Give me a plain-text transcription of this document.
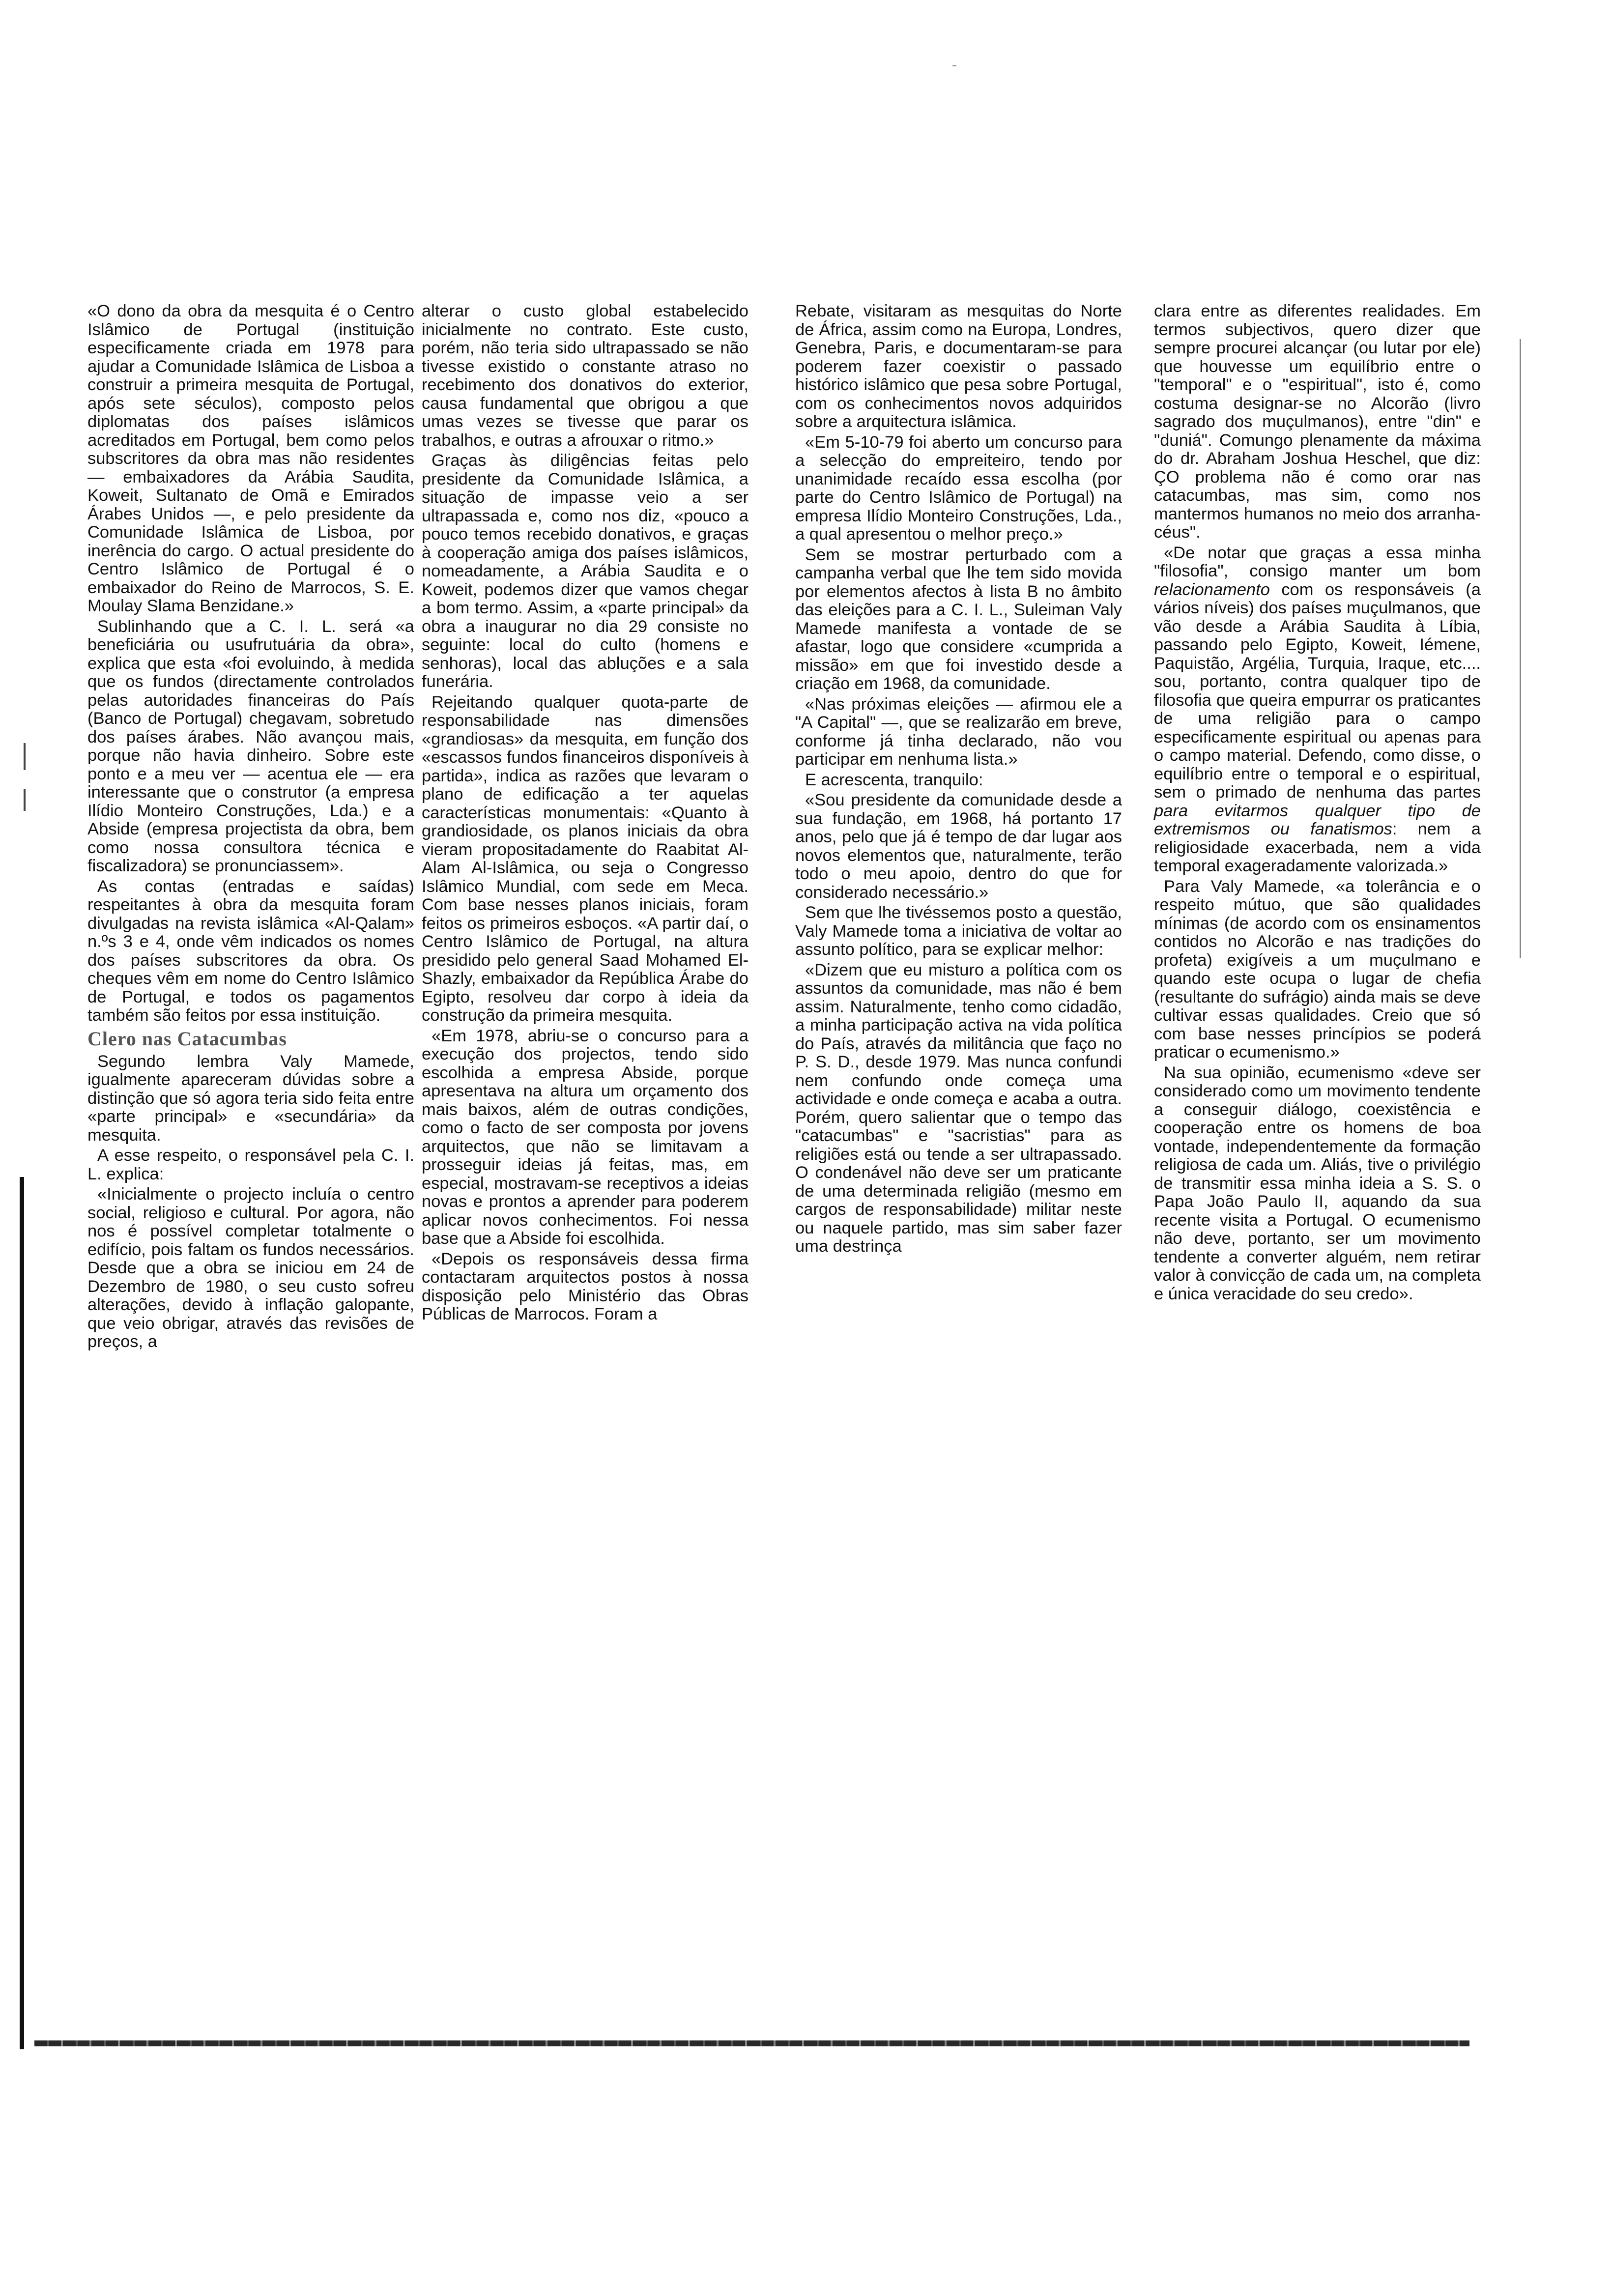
«O dono da obra da mesquita é o Centro Islâmico de Portugal (instituição especificamente criada em 1978 para ajudar a Comunidade Islâmica de Lisboa a construir a primeira mesquita de Portugal, após sete séculos), composto pelos diplomatas dos países islâmicos acreditados em Portugal, bem como pelos subscritores da obra mas não residentes — embaixadores da Arábia Saudita, Koweit, Sultanato de Omã e Emirados Árabes Unidos —, e pelo presidente da Comunidade Islâmica de Lisboa, por inerência do cargo. O actual presidente do Centro Islâmico de Portugal é o embaixador do Reino de Marrocos, S. E. Moulay Slama Benzidane.»

Sublinhando que a C. I. L. será «a beneficiária ou usufrutuária da obra», explica que esta «foi evoluindo, à medida que os fundos (directamente controlados pelas autoridades financeiras do País (Banco de Portugal) chegavam, sobretudo dos países árabes. Não avançou mais, porque não havia dinheiro. Sobre este ponto e a meu ver — acentua ele — era interessante que o construtor (a empresa Ilídio Monteiro Construções, Lda.) e a Abside (empresa projectista da obra, bem como nossa consultora técnica e fiscalizadora) se pronunciassem».

As contas (entradas e saídas) respeitantes à obra da mesquita foram divulgadas na revista islâmica «Al-Qalam» n.ºs 3 e 4, onde vêm indicados os nomes dos países subscritores da obra. Os cheques vêm em nome do Centro Islâmico de Portugal, e todos os pagamentos também são feitos por essa instituição.

Clero nas Catacumbas

Segundo lembra Valy Mamede, igualmente apareceram dúvidas sobre a distinção que só agora teria sido feita entre «parte principal» e «secundária» da mesquita.

A esse respeito, o responsável pela C. I. L. explica:

«Inicialmente o projecto incluía o centro social, religioso e cultural. Por agora, não nos é possível completar totalmente o edifício, pois faltam os fundos necessários. Desde que a obra se iniciou em 24 de Dezembro de 1980, o seu custo sofreu alterações, devido à inflação galopante, que veio obrigar, através das revisões de preços, a

alterar o custo global estabelecido inicialmente no contrato. Este custo, porém, não teria sido ultrapassado se não tivesse existido o constante atraso no recebimento dos donativos do exterior, causa fundamental que obrigou a que umas vezes se tivesse que parar os trabalhos, e outras a afrouxar o ritmo.»

Graças às diligências feitas pelo presidente da Comunidade Islâmica, a situação de impasse veio a ser ultrapassada e, como nos diz, «pouco a pouco temos recebido donativos, e graças à cooperação amiga dos países islâmicos, nomeadamente, a Arábia Saudita e o Koweit, podemos dizer que vamos chegar a bom termo. Assim, a «parte principal» da obra a inaugurar no dia 29 consiste no seguinte: local do culto (homens e senhoras), local das abluções e a sala funerária.

Rejeitando qualquer quota-parte de responsabilidade nas dimensões «grandiosas» da mesquita, em função dos «escassos fundos financeiros disponíveis à partida», indica as razões que levaram o plano de edificação a ter aquelas características monumentais: «Quanto à grandiosidade, os planos iniciais da obra vieram propositadamente do Raabitat Al-Alam Al-Islâmica, ou seja o Congresso Islâmico Mundial, com sede em Meca. Com base nesses planos iniciais, foram feitos os primeiros esboços. «A partir daí, o Centro Islâmico de Portugal, na altura presidido pelo general Saad Mohamed El-Shazly, embaixador da República Árabe do Egipto, resolveu dar corpo à ideia da construção da primeira mesquita.

«Em 1978, abriu-se o concurso para a execução dos projectos, tendo sido escolhida a empresa Abside, porque apresentava na altura um orçamento dos mais baixos, além de outras condições, como o facto de ser composta por jovens arquitectos, que não se limitavam a prosseguir ideias já feitas, mas, em especial, mostravam-se receptivos a ideias novas e prontos a aprender para poderem aplicar novos conhecimentos. Foi nessa base que a Abside foi escolhida.

«Depois os responsáveis dessa firma contactaram arquitectos postos à nossa disposição pelo Ministério das Obras Públicas de Marrocos. Foram a

Rebate, visitaram as mesquitas do Norte de África, assim como na Europa, Londres, Genebra, Paris, e documentaram-se para poderem fazer coexistir o passado histórico islâmico que pesa sobre Portugal, com os conhecimentos novos adquiridos sobre a arquitectura islâmica.

«Em 5-10-79 foi aberto um concurso para a selecção do empreiteiro, tendo por unanimidade recaído essa escolha (por parte do Centro Islâmico de Portugal) na empresa Ilídio Monteiro Construções, Lda., a qual apresentou o melhor preço.»

Sem se mostrar perturbado com a campanha verbal que lhe tem sido movida por elementos afectos à lista B no âmbito das eleições para a C. I. L., Suleiman Valy Mamede manifesta a vontade de se afastar, logo que considere «cumprida a missão» em que foi investido desde a criação em 1968, da comunidade.

«Nas próximas eleições — afirmou ele a "A Capital" —, que se realizarão em breve, conforme já tinha declarado, não vou participar em nenhuma lista.»

E acrescenta, tranquilo:

«Sou presidente da comunidade desde a sua fundação, em 1968, há portanto 17 anos, pelo que já é tempo de dar lugar aos novos elementos que, naturalmente, terão todo o meu apoio, dentro do que for considerado necessário.»

Sem que lhe tivéssemos posto a questão, Valy Mamede toma a iniciativa de voltar ao assunto político, para se explicar melhor:

«Dizem que eu misturo a política com os assuntos da comunidade, mas não é bem assim. Naturalmente, tenho como cidadão, a minha participação activa na vida política do País, através da militância que faço no P. S. D., desde 1979. Mas nunca confundi nem confundo onde começa uma actividade e onde começa e acaba a outra. Porém, quero salientar que o tempo das "catacumbas" e "sacristias" para as religiões está ou tende a ser ultrapassado. O condenável não deve ser um praticante de uma determinada religião (mesmo em cargos de responsabilidade) militar neste ou naquele partido, mas sim saber fazer uma destrinça

clara entre as diferentes realidades. Em termos subjectivos, quero dizer que sempre procurei alcançar (ou lutar por ele) que houvesse um equilíbrio entre o "temporal" e o "espiritual", isto é, como costuma designar-se no Alcorão (livro sagrado dos muçulmanos), entre "din" e "duniá". Comungo plenamente da máxima do dr. Abraham Joshua Heschel, que diz: ÇO problema não é como orar nas catacumbas, mas sim, como nos mantermos humanos no meio dos arranha-céus".

«De notar que graças a essa minha "filosofia", consigo manter um bom relacionamento com os responsáveis (a vários níveis) dos países muçulmanos, que vão desde a Arábia Saudita à Líbia, passando pelo Egipto, Koweit, Iémene, Paquistão, Argélia, Turquia, Iraque, etc.... sou, portanto, contra qualquer tipo de filosofia que queira empurrar os praticantes de uma religião para o campo especificamente espiritual ou apenas para o campo material. Defendo, como disse, o equilíbrio entre o temporal e o espiritual, sem o primado de nenhuma das partes para evitarmos qualquer tipo de extremismos ou fanatismos: nem a religiosidade exacerbada, nem a vida temporal exageradamente valorizada.»

Para Valy Mamede, «a tolerância e o respeito mútuo, que são qualidades mínimas (de acordo com os ensinamentos contidos no Alcorão e nas tradições do profeta) exigíveis a um muçulmano e quando este ocupa o lugar de chefia (resultante do sufrágio) ainda mais se deve cultivar essas qualidades. Creio que só com base nesses princípios se poderá praticar o ecumenismo.»

Na sua opinião, ecumenismo «deve ser considerado como um movimento tendente a conseguir diálogo, coexistência e cooperação entre os homens de boa vontade, independentemente da formação religiosa de cada um. Aliás, tive o privilégio de transmitir essa minha ideia a S. S. o Papa João Paulo II, aquando da sua recente visita a Portugal. O ecumenismo não deve, portanto, ser um movimento tendente a converter alguém, nem retirar valor à convicção de cada um, na completa e única veracidade do seu credo».
